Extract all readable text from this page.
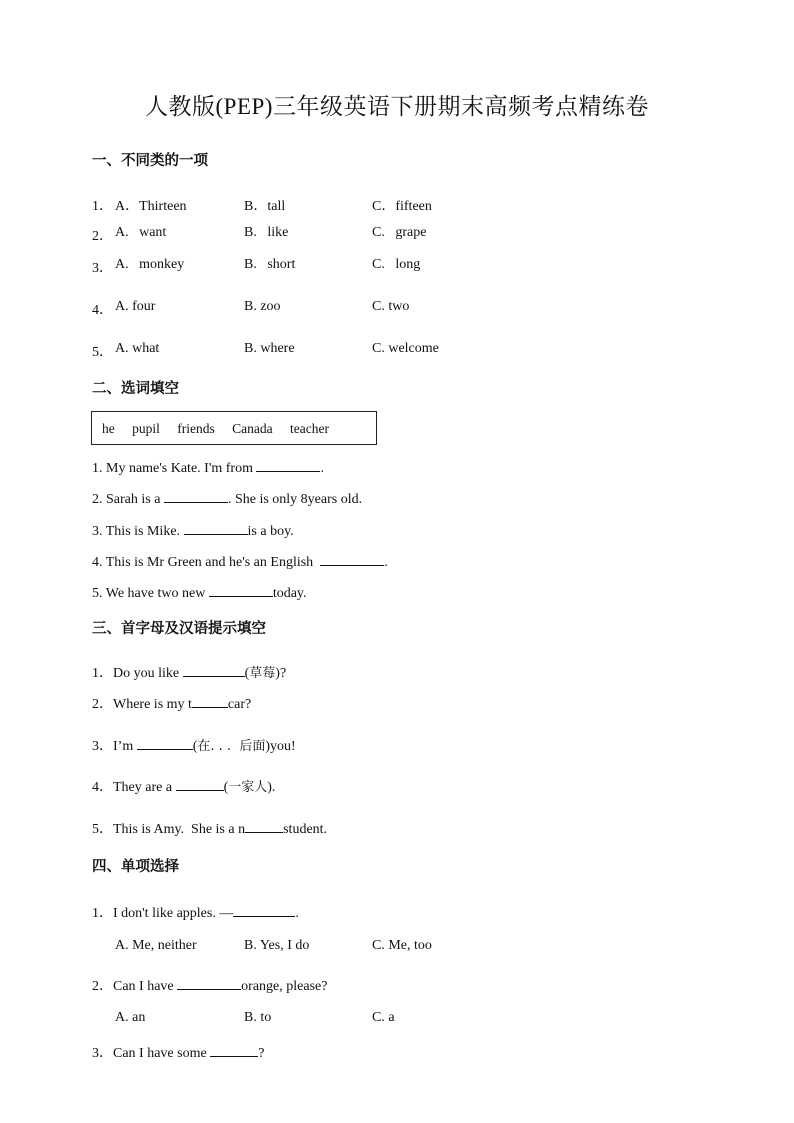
人教版(PEP)三年级英语下册期末高频考点精练卷
一、不同类的一项
1． A．Thirteen	B．tall	C．fifteen
2． A.   want	B.   like	C.   grape
3． A.   monkey	B.   short	C.   long
4． A. four	B. zoo	C. two
5． A. what	B. where	C. welcome
二、选词填空
he pupil friends Canada teacher
1. My name's Kate. I'm from	.
2. Sarah is a	. She is only 8years old.
3. This is Mike.	is a boy.
4. This is Mr Green and he's an English	.
5. We have two new	today.
三、首字母及汉语提示填空
1．Do you like	(草莓)?
2．Where is my t	car?
3．I’m	(在. . .  后面)you!
4．They are a	(一家人).
5．This is Amy.  She is a n	student.
四、单项选择
1．I don't like apples. —	.
A. Me, neither	B. Yes, I do	C. Me, too
2．Can I have	orange, please?
A. an	B. to	C. a
3．Can I have some	?
